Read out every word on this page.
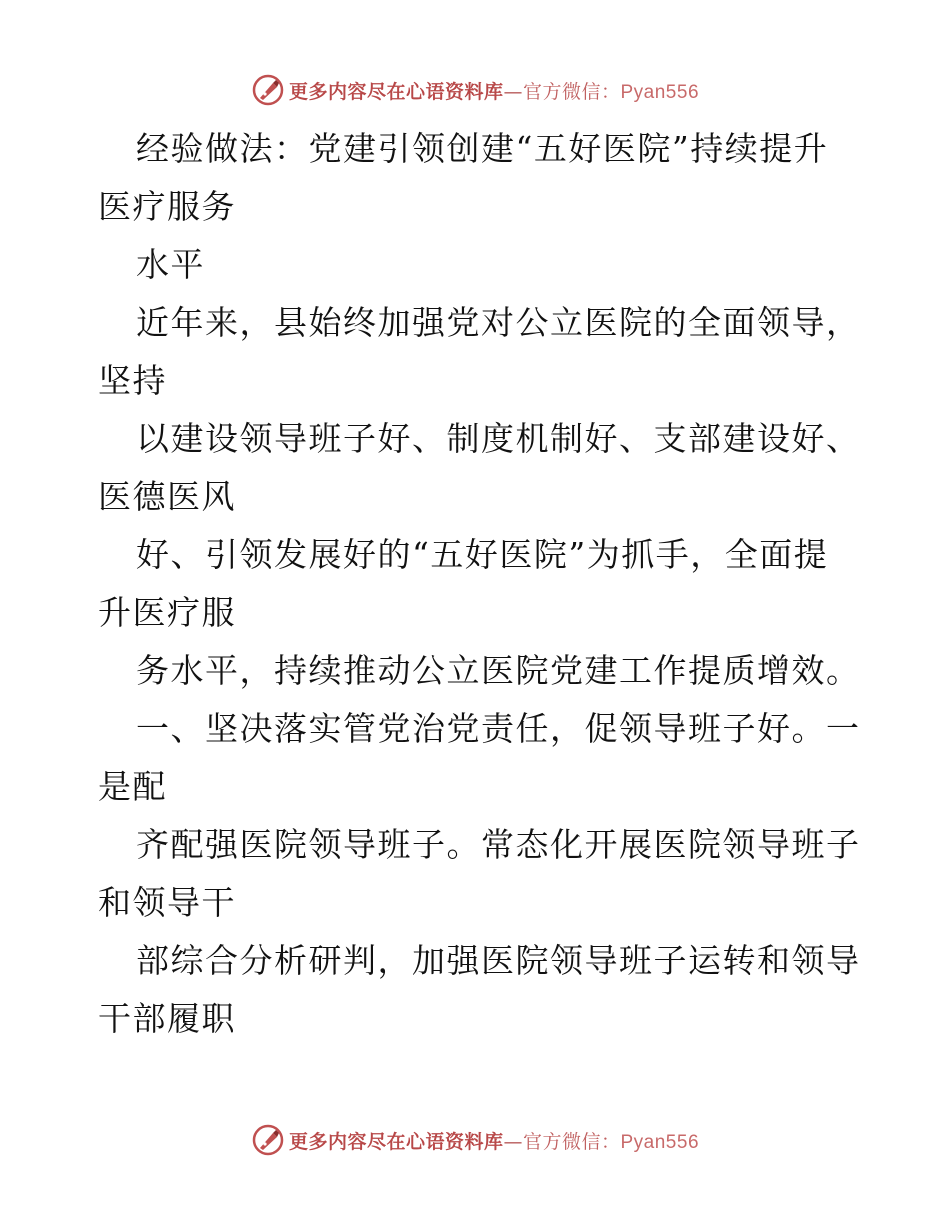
更多内容尽在心语资料库—官方微信：Pyan556
经验做法：党建引领创建“五好医院”持续提升
医疗服务
水平
近年来，县始终加强党对公立医院的全面领导，
坚持
以建设领导班子好、制度机制好、支部建设好、
医德医风
好、引领发展好的“五好医院”为抓手，全面提
升医疗服
务水平，持续推动公立医院党建工作提质增效。
一、坚决落实管党治党责任，促领导班子好。一
是配
齐配强医院领导班子。常态化开展医院领导班子
和领导干
部综合分析研判，加强医院领导班子运转和领导
干部履职
更多内容尽在心语资料库—官方微信：Pyan556
